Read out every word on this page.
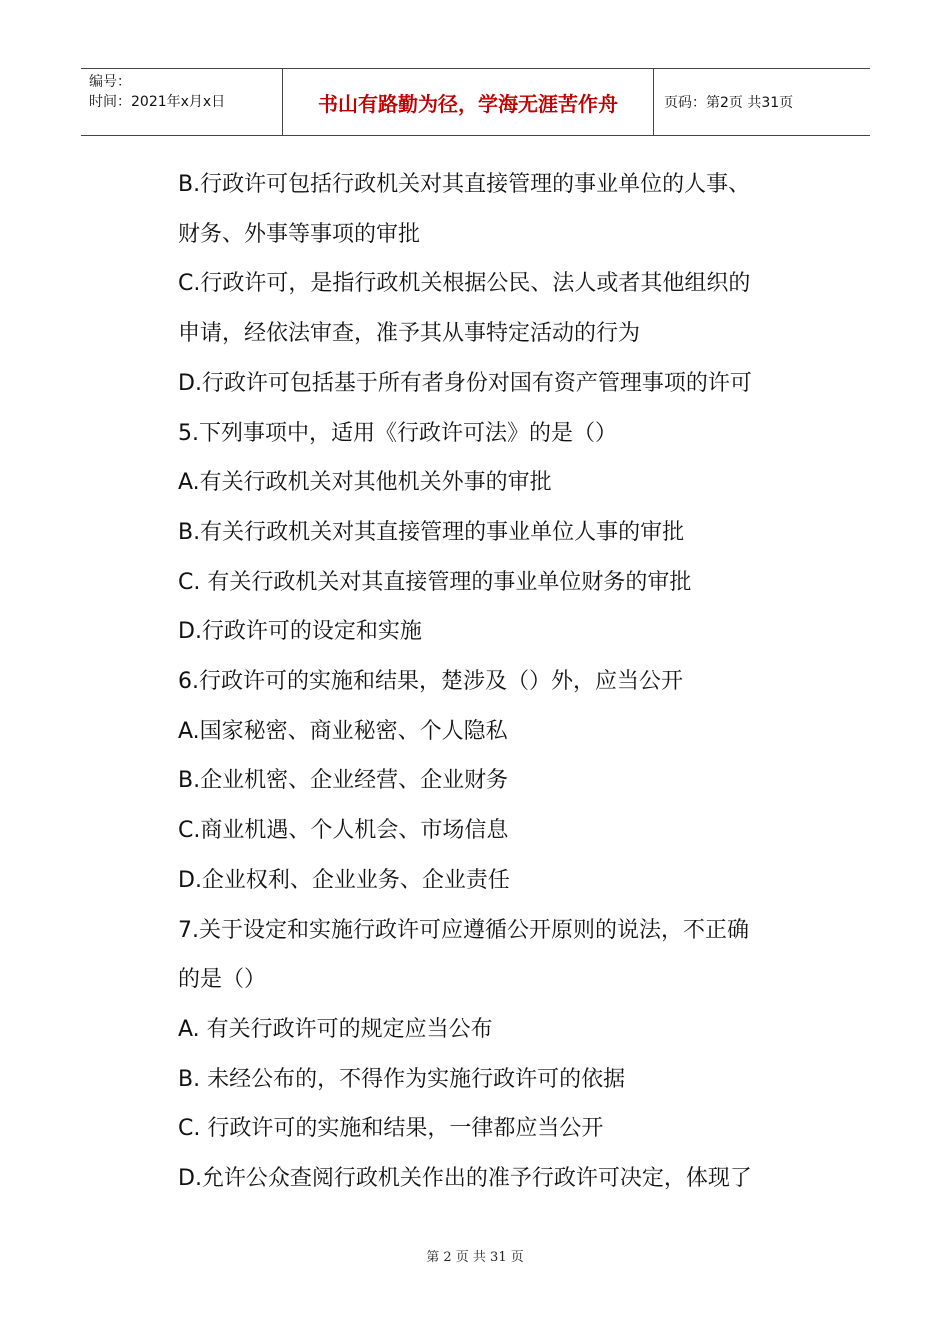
编号：
时间：2021年x月x日	书山有路勤为径，学海无涯苦作舟	页码：第2页 共31页
B.行政许可包括行政机关对其直接管理的事业单位的人事、
财务、外事等事项的审批
C.行政许可，是指行政机关根据公民、法人或者其他组织的
申请，经依法审查，准予其从事特定活动的行为
D.行政许可包括基于所有者身份对国有资产管理事项的许可
5.下列事项中，适用《行政许可法》的是（）
A.有关行政机关对其他机关外事的审批
B.有关行政机关对其直接管理的事业单位人事的审批
C. 有关行政机关对其直接管理的事业单位财务的审批
D.行政许可的设定和实施
6.行政许可的实施和结果，楚涉及（）外，应当公开
A.国家秘密、商业秘密、个人隐私
B.企业机密、企业经营、企业财务
C.商业机遇、个人机会、市场信息
D.企业权利、企业业务、企业责任
7.关于设定和实施行政许可应遵循公开原则的说法，不正确
的是（）
A. 有关行政许可的规定应当公布
B. 未经公布的，不得作为实施行政许可的依据
C. 行政许可的实施和结果，一律都应当公开
D.允许公众查阅行政机关作出的准予行政许可决定，体现了
第 2 页 共 31 页
